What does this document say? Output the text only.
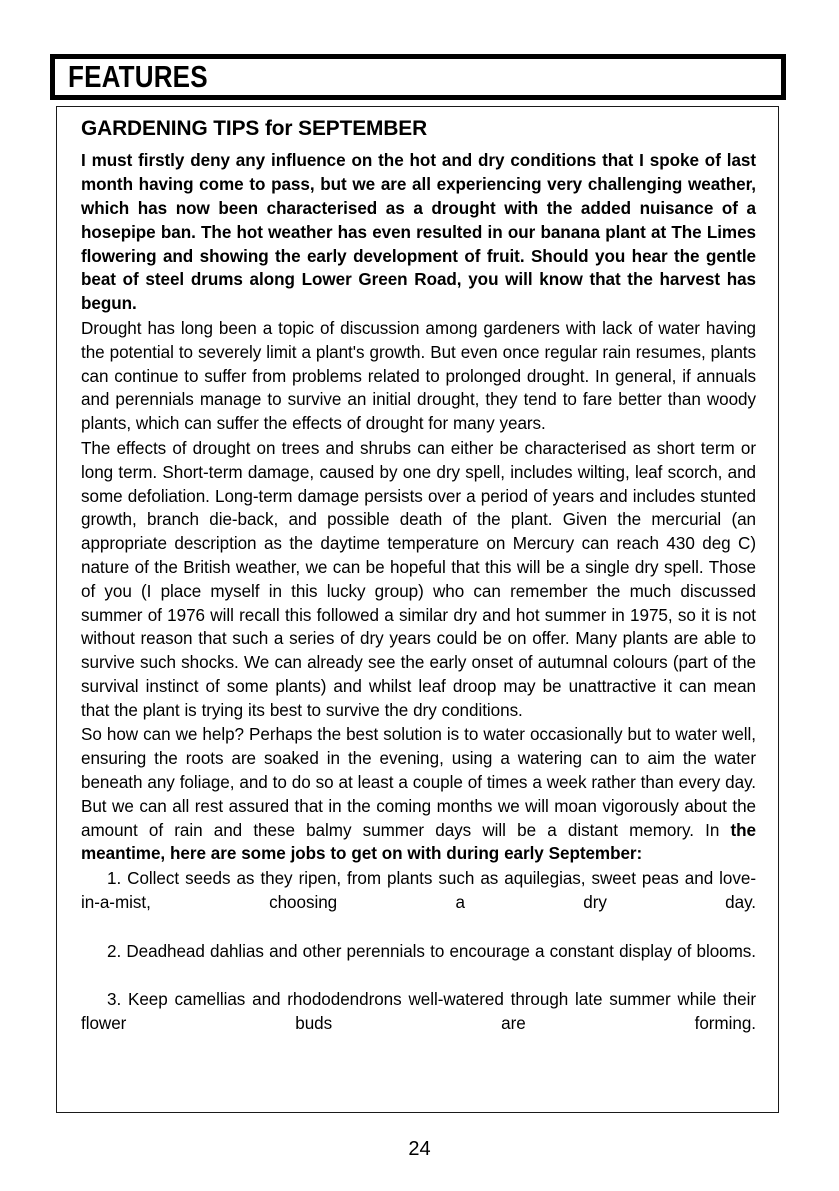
FEATURES
GARDENING TIPS for SEPTEMBER

I must firstly deny any influence on the hot and dry conditions that I spoke of last month having come to pass, but we are all experiencing very challenging weather, which has now been characterised as a drought with the added nuisance of a hosepipe ban. The hot weather has even resulted in our banana plant at The Limes flowering and showing the early development of fruit. Should you hear the gentle beat of steel drums along Lower Green Road, you will know that the harvest has begun.

Drought has long been a topic of discussion among gardeners with lack of water having the potential to severely limit a plant's growth. But even once regular rain resumes, plants can continue to suffer from problems related to prolonged drought. In general, if annuals and perennials manage to survive an initial drought, they tend to fare better than woody plants, which can suffer the effects of drought for many years.

The effects of drought on trees and shrubs can either be characterised as short term or long term. Short-term damage, caused by one dry spell, includes wilting, leaf scorch, and some defoliation. Long-term damage persists over a period of years and includes stunted growth, branch die-back, and possible death of the plant. Given the mercurial (an appropriate description as the daytime temperature on Mercury can reach 430 deg C) nature of the British weather, we can be hopeful that this will be a single dry spell. Those of you (I place myself in this lucky group) who can remember the much discussed summer of 1976 will recall this followed a similar dry and hot summer in 1975, so it is not without reason that such a series of dry years could be on offer. Many plants are able to survive such shocks. We can already see the early onset of autumnal colours (part of the survival instinct of some plants) and whilst leaf droop may be unattractive it can mean that the plant is trying its best to survive the dry conditions.

So how can we help? Perhaps the best solution is to water occasionally but to water well, ensuring the roots are soaked in the evening, using a watering can to aim the water beneath any foliage, and to do so at least a couple of times a week rather than every day. But we can all rest assured that in the coming months we will moan vigorously about the amount of rain and these balmy summer days will be a distant memory. In the meantime, here are some jobs to get on with during early September:

1. Collect seeds as they ripen, from plants such as aquilegias, sweet peas and love-in-a-mist, choosing a dry day.

2. Deadhead dahlias and other perennials to encourage a constant display of blooms.

3. Keep camellias and rhododendrons well-watered through late summer while their flower buds are forming.

24
